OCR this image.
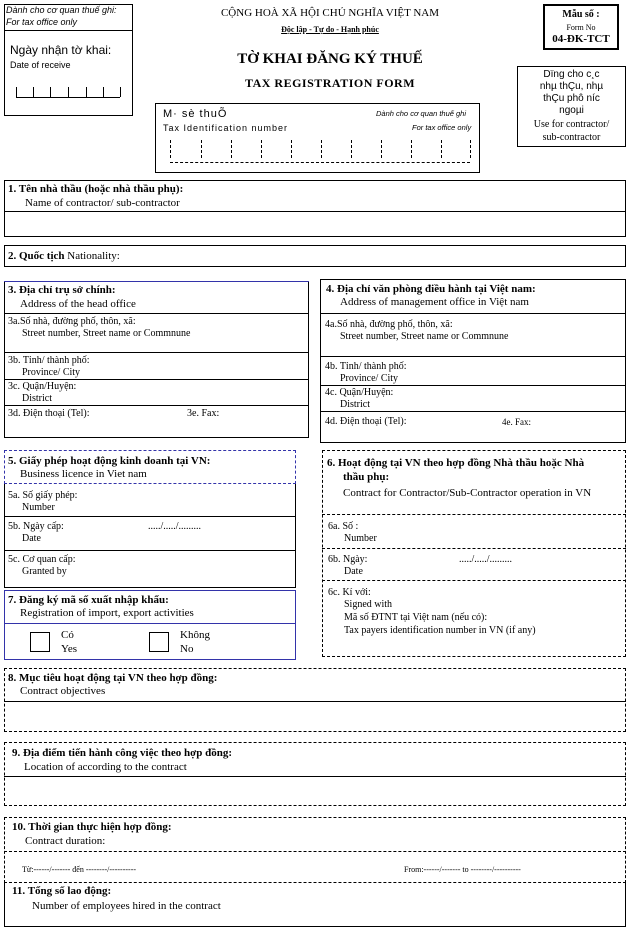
Dành cho cơ quan thuế ghi:
For tax office only
Ngày nhận tờ khai:
Date of receive
CỘNG HOÀ XÃ HỘI CHỦ NGHĨA VIỆT NAM
Độc lập - Tự do - Hạnh phúc
TỜ KHAI ĐĂNG KÝ THUẾ
TAX REGISTRATION FORM
Mẫu số :
Form No
04-ĐK-TCT
Dïng cho c¸c
nhµ thÇu, nhµ
thÇu phô níc
ngoµi
Use for contractor/
sub-contractor
M· sè thuÕ
Tax Identification number
Dành cho cơ quan thuế ghi
For tax office only
1. Tên nhà thầu (hoặc nhà thầu phụ):
Name of contractor/ sub-contractor
2. Quốc tịch Nationality:
3. Địa chỉ trụ sở chính:
Address of the head office
3a.Số nhà, đường phố, thôn, xã:
Street number, Street name or Commnune
3b. Tỉnh/ thành phố:
Province/ City
3c. Quận/Huyện:
District
3d. Điện thoại (Tel):	3e. Fax:
4. Địa chỉ văn phòng điều hành tại Việt nam:
Address of management office in Việt nam
4a.Số nhà, đường phố, thôn, xã:
Street number, Street name or Commnune
4b. Tỉnh/ thành phố:
Province/ City
4c. Quận/Huyện:
District
4d. Điện thoại (Tel):	4e. Fax:
5. Giấy phép hoạt động kinh doanh tại VN:
Business licence in Viet nam
5a. Số giấy phép:
Number
5b. Ngày cấp:	...../...../.........
Date
5c. Cơ quan cấp:
Granted by
7. Đăng ký mã số xuất nhập khẩu:
Registration of import, export activities
Có
Yes
Không
No
6. Hoạt động tại VN theo hợp đồng Nhà thầu hoặc Nhà
thầu phụ:
Contract for Contractor/Sub-Contractor operation in VN
6a. Số :
Number
6b. Ngày:	...../...../.........
Date
6c. Kí với:
Signed with
Mã số ĐTNT tại Việt nam (nếu có):
Tax payers identification number in VN (if any)
8. Mục tiêu hoạt động tại VN theo hợp đồng:
Contract objectives
9. Địa điểm tiến hành công việc theo hợp đồng:
Location of according to the contract
10. Thời gian thực hiện hợp đồng:
Contract duration:
Từ:------/------- đến --------/----------	From:------/------- to --------/----------
11. Tổng số lao động:
Number of employees hired in the contract
